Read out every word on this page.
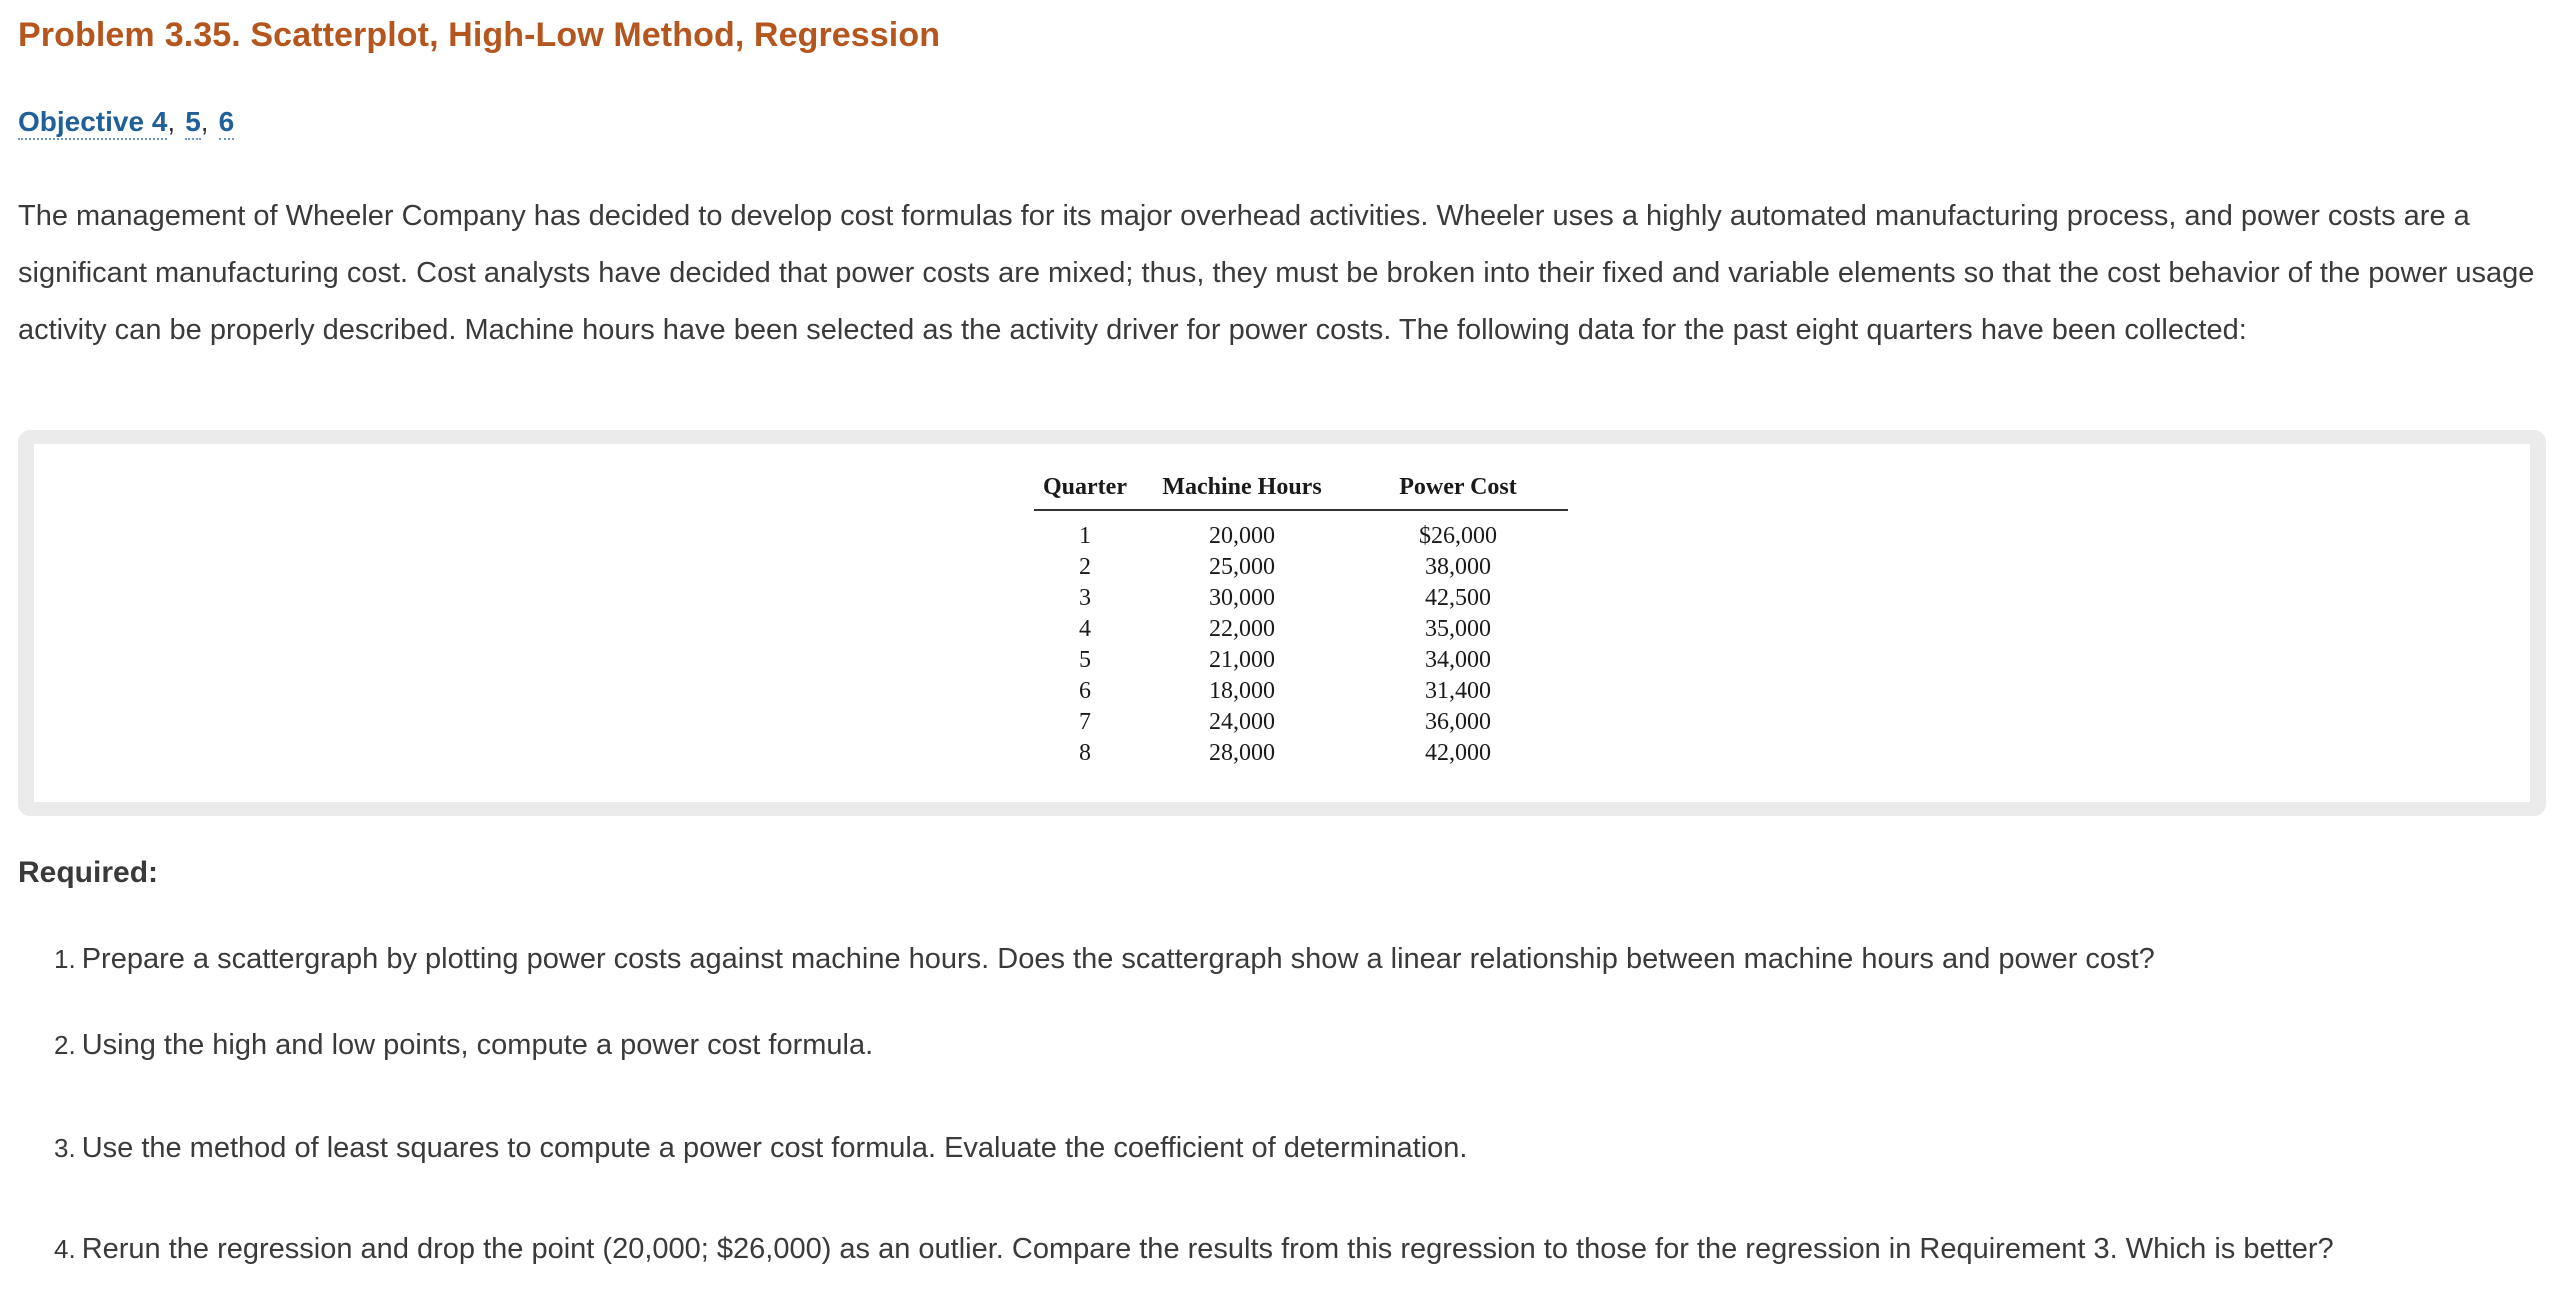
Problem 3.35. Scatterplot, High-Low Method, Regression
Objective 4, 5, 6

The management of Wheeler Company has decided to develop cost formulas for its major overhead activities. Wheeler uses a highly automated manufacturing process, and power costs are a significant manufacturing cost. Cost analysts have decided that power costs are mixed; thus, they must be broken into their fixed and variable elements so that the cost behavior of the power usage activity can be properly described. Machine hours have been selected as the activity driver for power costs. The following data for the past eight quarters have been collected:

Quarter	Machine Hours	Power Cost
1	20,000	$26,000
2	25,000	38,000
3	30,000	42,500
4	22,000	35,000
5	21,000	34,000
6	18,000	31,400
7	24,000	36,000
8	28,000	42,000
Required:
1. Prepare a scattergraph by plotting power costs against machine hours. Does the scattergraph show a linear relationship between machine hours and power cost?
2. Using the high and low points, compute a power cost formula.
3. Use the method of least squares to compute a power cost formula. Evaluate the coefficient of determination.
4. Rerun the regression and drop the point (20,000; $26,000) as an outlier. Compare the results from this regression to those for the regression in Requirement 3. Which is better?
